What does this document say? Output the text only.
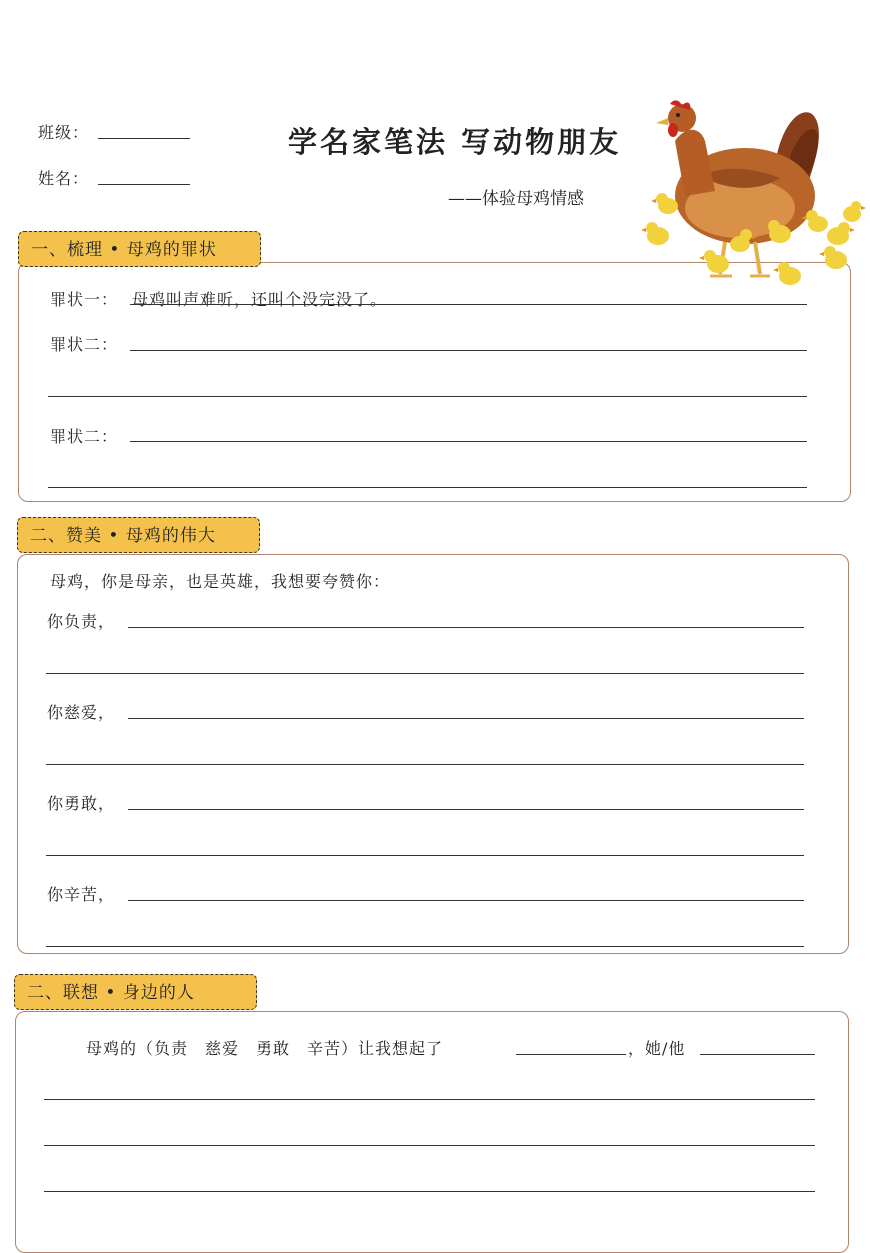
班级：
姓名：
学名家笔法 写动物朋友
——体验母鸡情感
一、梳理 • 母鸡的罪状
罪状一： 母鸡叫声难听，还叫个没完没了。
罪状二：
罪状二：
二、赞美 • 母鸡的伟大
母鸡，你是母亲，也是英雄，我想要夸赞你：
你负责，
你慈爱，
你勇敢，
你辛苦，
二、联想 • 身边的人
母鸡的（负责　慈爱　勇敢　辛苦）让我想起了	，她/他
